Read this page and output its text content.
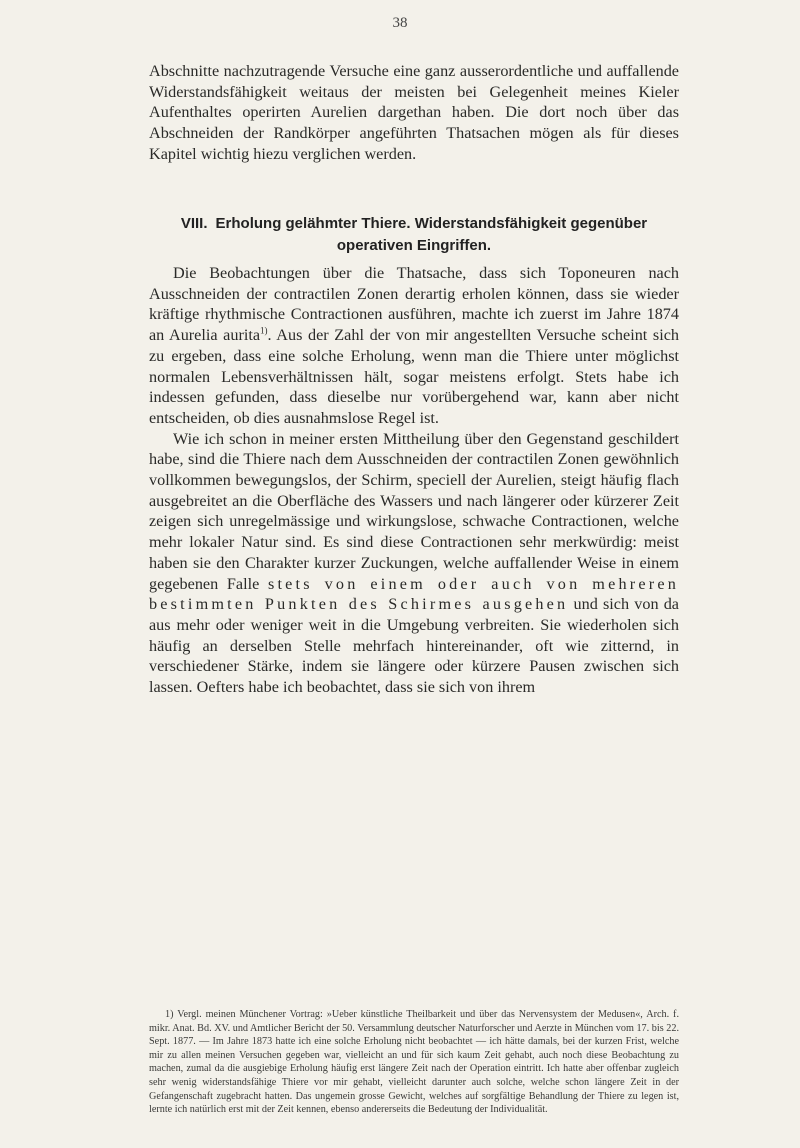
38

Abschnitte nachzutragende Versuche eine ganz ausserordentliche und auffallende Widerstandsfähigkeit weitaus der meisten bei Gelegenheit meines Kieler Aufenthaltes operirten Aurelien dargethan haben. Die dort noch über das Abschneiden der Randkörper angeführten Thatsachen mögen als für dieses Kapitel wichtig hiezu verglichen werden.

VIII. Erholung gelähmter Thiere. Widerstandsfähigkeit gegenüber operativen Eingriffen.

Die Beobachtungen über die Thatsache, dass sich Toponeuren nach Ausschneiden der contractilen Zonen derartig erholen können, dass sie wieder kräftige rhythmische Contractionen ausführen, machte ich zuerst im Jahre 1874 an Aurelia aurita$^{1)}$. Aus der Zahl der von mir angestellten Versuche scheint sich zu ergeben, dass eine solche Erholung, wenn man die Thiere unter möglichst normalen Lebensverhältnissen hält, sogar meistens erfolgt. Stets habe ich indessen gefunden, dass dieselbe nur vorübergehend war, kann aber nicht entscheiden, ob dies ausnahmslose Regel ist.

Wie ich schon in meiner ersten Mittheilung über den Gegenstand geschildert habe, sind die Thiere nach dem Ausschneiden der contractilen Zonen gewöhnlich vollkommen bewegungslos, der Schirm, speciell der Aurelien, steigt häufig flach ausgebreitet an die Oberfläche des Wassers und nach längerer oder kürzerer Zeit zeigen sich unregelmässige und wirkungslose, schwache Contractionen, welche mehr lokaler Natur sind. Es sind diese Contractionen sehr merkwürdig: meist haben sie den Charakter kurzer Zuckungen, welche auffallender Weise in einem gegebenen Falle stets von einem oder auch von mehreren bestimmten Punkten des Schirmes ausgehen und sich von da aus mehr oder weniger weit in die Umgebung verbreiten. Sie wiederholen sich häufig an derselben Stelle mehrfach hintereinander, oft wie zitternd, in verschiedener Stärke, indem sie längere oder kürzere Pausen zwischen sich lassen. Oefters habe ich beobachtet, dass sie sich von ihrem

1) Vergl. meinen Münchener Vortrag: »Ueber künstliche Theilbarkeit und über das Nervensystem der Medusen«, Arch. f. mikr. Anat. Bd. XV. und Amtlicher Bericht der 50. Versammlung deutscher Naturforscher und Aerzte in München vom 17. bis 22. Sept. 1877. — Im Jahre 1873 hatte ich eine solche Erholung nicht beobachtet — ich hätte damals, bei der kurzen Frist, welche mir zu allen meinen Versuchen gegeben war, vielleicht an und für sich kaum Zeit gehabt, auch noch diese Beobachtung zu machen, zumal da die ausgiebige Erholung häufig erst längere Zeit nach der Operation eintritt. Ich hatte aber offenbar zugleich sehr wenig widerstandsfähige Thiere vor mir gehabt, vielleicht darunter auch solche, welche schon längere Zeit in der Gefangenschaft zugebracht hatten. Das ungemein grosse Gewicht, welches auf sorgfältige Behandlung der Thiere zu legen ist, lernte ich natürlich erst mit der Zeit kennen, ebenso andererseits die Bedeutung der Individualität.
